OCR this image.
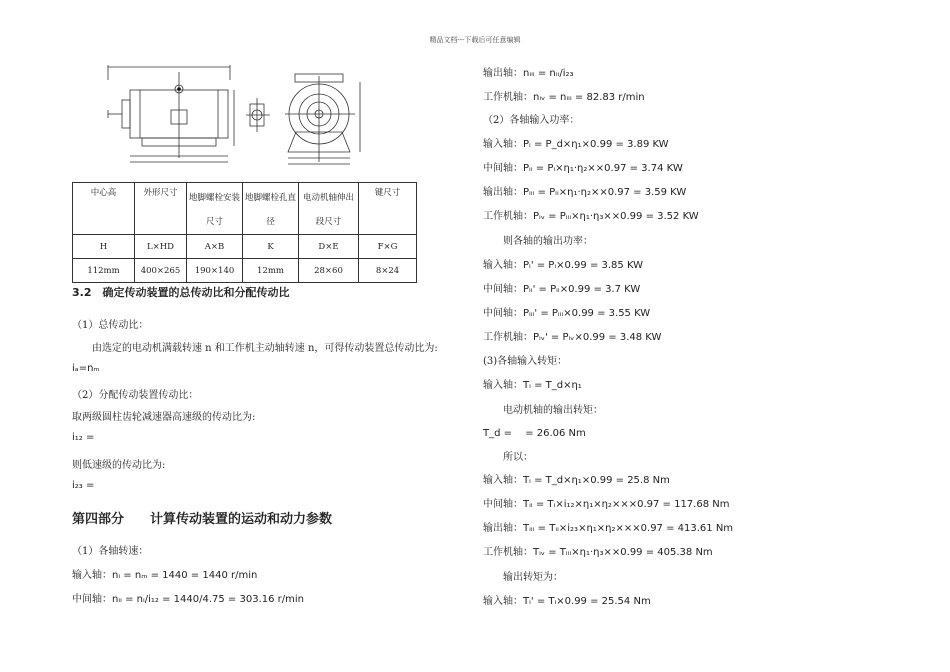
精品文档---下载后可任意编辑
中心高	外形尺寸	地脚螺栓安装尺寸	地脚螺栓孔直径	电动机轴伸出段尺寸	键尺寸
H	L×HD	A×B	K	D×E	F×G
112mm	400×265	190×140	12mm	28×60	8×24
3.2　确定传动装置的总传动比和分配传动比
（1）总传动比：
由选定的电动机满载转速 n 和工作机主动轴转速 n，可得传动装置总传动比为:
iₐ=nₘ
（2）分配传动装置传动比：
取两级圆柱齿轮减速器高速级的传动比为:
i₁₂ =
则低速级的传动比为:
i₂₃ =
第四部分　　计算传动装置的运动和动力参数
（1）各轴转速：
输入轴：nᵢ = nₘ = 1440 = 1440 r/min
中间轴：nᵢᵢ = nᵢ/i₁₂ = 1440/4.75 = 303.16 r/min
输出轴：nᵢᵢᵢ = nᵢᵢ/i₂₃
工作机轴：nᵢᵥ = nᵢᵢᵢ = 82.83 r/min
（2）各轴输入功率：
输入轴：Pᵢ = P_d×η₁×0.99 = 3.89 KW
中间轴：Pᵢᵢ = Pᵢ×η₁·η₂××0.97 = 3.74 KW
输出轴：Pᵢᵢᵢ = Pᵢᵢ×η₁·η₂××0.97 = 3.59 KW
工作机轴：Pᵢᵥ = Pᵢᵢᵢ×η₁·η₃××0.99 = 3.52 KW
则各轴的输出功率：
输入轴：Pᵢ' = Pᵢ×0.99 = 3.85 KW
中间轴：Pᵢᵢ' = Pᵢᵢ×0.99 = 3.7 KW
中间轴：Pᵢᵢᵢ' = Pᵢᵢᵢ×0.99 = 3.55 KW
工作机轴：Pᵢᵥ' = Pᵢᵥ×0.99 = 3.48 KW
(3)各轴输入转矩：
输入轴：Tᵢ = T_d×η₁
电动机轴的输出转矩：
T_d = 　= 26.06 Nm
所以：
输入轴：Tᵢ = T_d×η₁×0.99 = 25.8 Nm
中间轴：Tᵢᵢ = Tᵢ×i₁₂×η₁×η₂×××0.97 = 117.68 Nm
输出轴：Tᵢᵢᵢ = Tᵢᵢ×i₂₃×η₁×η₂×××0.97 = 413.61 Nm
工作机轴：Tᵢᵥ = Tᵢᵢᵢ×η₁·η₃××0.99 = 405.38 Nm
输出转矩为：
输入轴：Tᵢ' = Tᵢ×0.99 = 25.54 Nm
